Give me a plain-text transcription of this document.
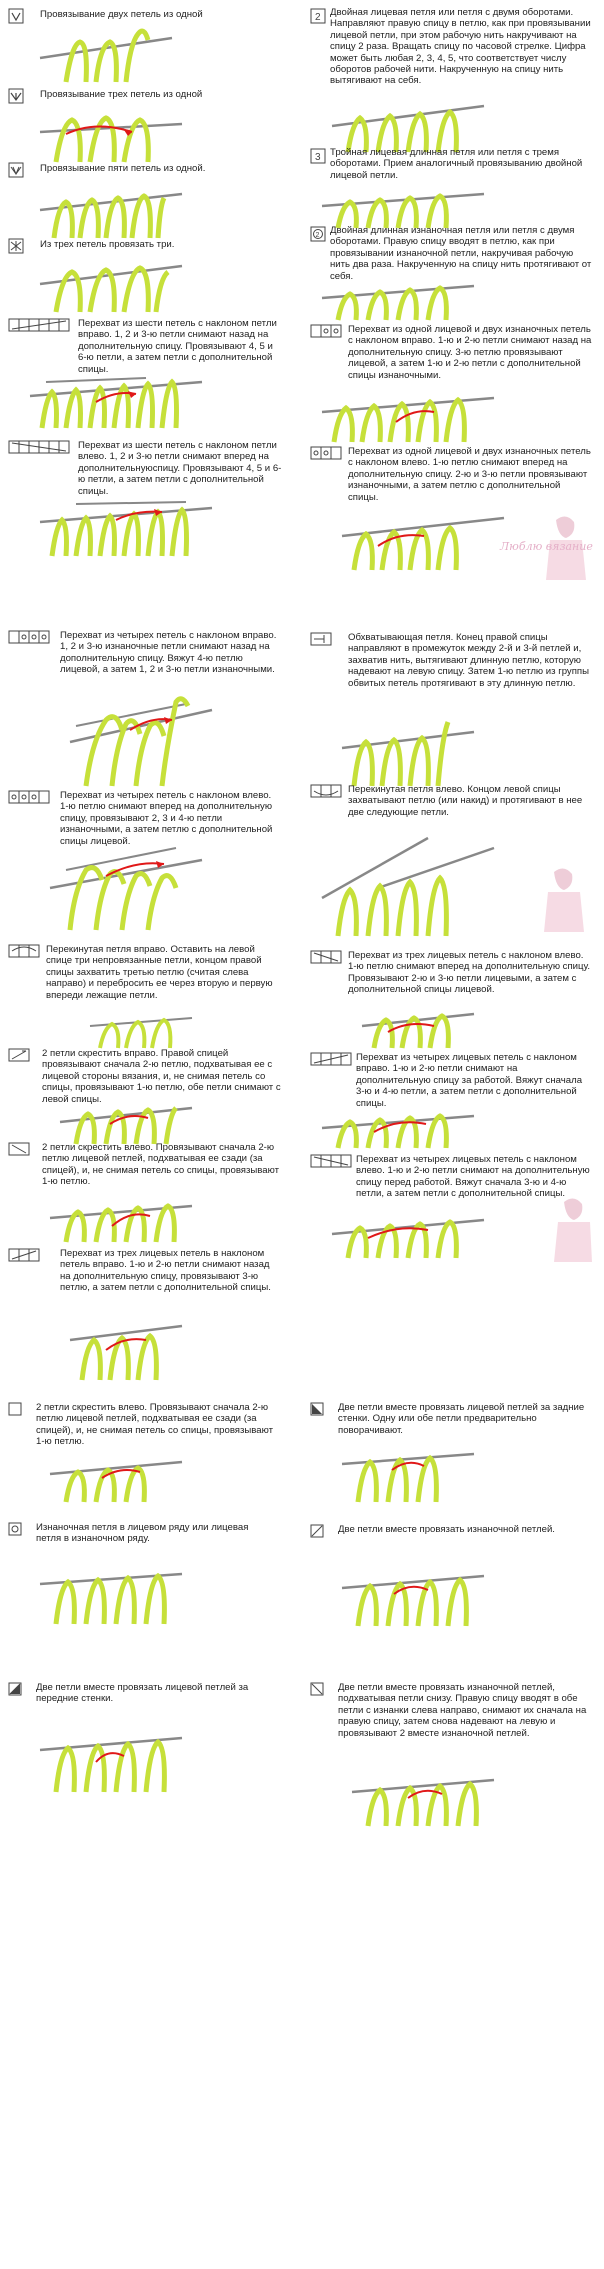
Провязывание двух петель из одной
Провязывание трех петель из одной
Провязывание пяти петель из одной.
Из трех петель провязать три.
Перехват из шести петель с наклоном петли вправо. 1, 2 и 3-ю петли снимают назад на дополнительную спицу. Провязывают 4, 5 и 6-ю петли, а затем петли с дополнительной спицы.
Перехват из шести петель с наклоном петли влево. 1, 2 и 3-ю петли снимают вперед на дополнительнуюспицу. Провязывают 4, 5 и 6-ю петли, а затем петли с дополнительной спицы.
Перехват из четырех петель с наклоном вправо. 1, 2 и 3-ю изнаночные петли снимают назад на дополнительную спицу. Вяжут 4-ю петлю лицевой, а затем 1, 2 и 3-ю петли изнаночными.
Перехват из четырех петель с наклоном влево. 1-ю петлю снимают вперед на дополнительную спицу, провязывают 2, 3 и 4-ю петли изнаночными, а затем петлю с дополнительной спицы лицевой.
Перекинутая петля вправо. Оставить на левой спице три непровязанные петли, концом правой спицы захватить третью петлю (считая слева направо) и перебросить ее через вторую и первую впереди лежащие петли.
2 петли скрестить вправо. Правой спицей провязывают сначала 2-ю петлю, подхватывая ее с лицевой стороны вязания, и, не снимая петель со спицы, провязывают 1-ю петлю, обе петли снимают с левой спицы.
2 петли скрестить влево. Провязывают сначала 2-ю петлю лицевой петлей, подхватывая ее сзади (за спицей), и, не снимая петель со спицы, провязывают 1-ю петлю.
Перехват из трех лицевых петель в наклоном петель вправо. 1-ю и 2-ю петли снимают назад на дополнительную спицу, провязывают 3-ю петлю, а затем петли с дополнительной спицы.
2 петли скрестить влево. Провязывают сначала 2-ю петлю лицевой петлей, подхватывая ее сзади (за спицей), и, не снимая петель со спицы, провязывают 1-ю петлю.
Изнаночная петля в лицевом ряду или лицевая петля в изнаночном ряду.
Две петли вместе провязать лицевой петлей за передние стенки.
2 Двойная лицевая петля или петля с двумя оборотами. Направляют правую спицу в петлю, как при провязывании лицевой петли, при этом рабочую нить накручивают на спицу 2 раза. Вращать спицу по часовой стрелке. Цифра может быть любая 2, 3, 4, 5, что соответствует числу оборотов рабочей нити. Накрученную на спицу нить вытягивают на себя.
3 Тройная лицевая длинная петля или петля с тремя оборотами. Прием аналогичный провязыванию двойной лицевой петли.
2 Двойная длинная изнаночная петля или петля с двумя оборотами. Правую спицу вводят в петлю, как при провязывании изнаночной петли, накручивая рабочую нить два раза. Накрученную на спицу нить протягивают от себя.
Перехват из одной лицевой и двух изнаночных петель с наклоном вправо. 1-ю и 2-ю петли снимают назад на дополнительную спицу. 3-ю петлю провязывают лицевой, а затем 1-ю и 2-ю петли с дополнительной спицы изнаночными.
Перехват из одной лицевой и двух изнаночных петель с наклоном влево. 1-ю петлю снимают вперед на дополнительную спицу. 2-ю и 3-ю петли провязывают изнаночными, а затем петлю с дополнительной спицы.
Люблю вязание
Обхватывающая петля. Конец правой спицы направляют в промежуток между 2-й и 3-й петлей и, захватив нить, вытягивают длинную петлю, которую надевают на левую спицу. Затем 1-ю петлю из группы обвитых петель протягивают в эту длинную петлю.
Перекинутая петля влево. Концом левой спицы захватывают петлю (или накид) и протягивают в нее две следующие петли.
Перехват из трех лицевых петель с наклоном влево. 1-ю петлю снимают вперед на дополнительную спицу. Провязывают 2-ю и 3-ю петли лицевыми, а затем с дополнительной спицы лицевой.
Перехват из четырех лицевых петель с наклоном вправо. 1-ю и 2-ю петли снимают на дополнительную спицу за работой. Вяжут сначала 3-ю и 4-ю петли, а затем петли с дополнительной спицы.
Перехват из четырех лицевых петель с наклоном влево. 1-ю и 2-ю петли снимают на дополнительную спицу перед работой. Вяжут сначала 3-ю и 4-ю петли, а затем петли с дополнительной спицы.
Две петли вместе провязать лицевой петлей за задние стенки. Одну или обе петли предварительно поворачивают.
Две петли вместе провязать изнаночной петлей.
Две петли вместе провязать изнаночной петлей, подхватывая петли снизу. Правую спицу вводят в обе петли с изнанки слева направо, снимают их сначала на правую спицу, затем снова надевают на левую и провязывают 2 вместе изнаночной петлей.
